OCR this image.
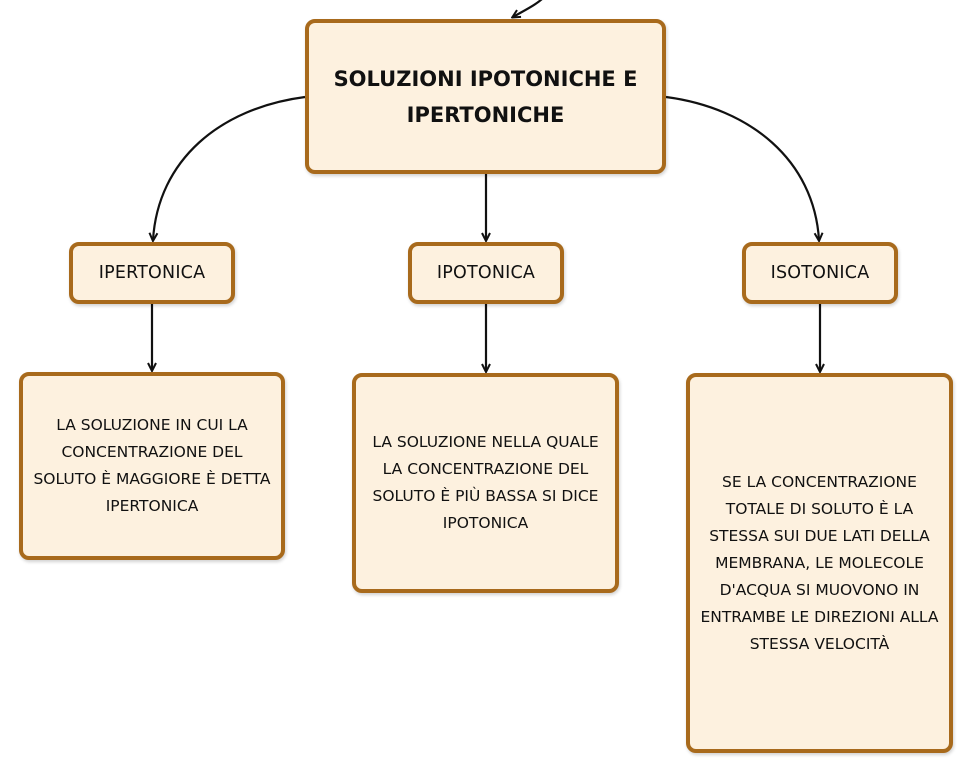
SOLUZIONI IPOTONICHE E IPERTONICHE
IPERTONICA	IPOTONICA	ISOTONICA
LA SOLUZIONE IN CUI LA CONCENTRAZIONE DEL SOLUTO È MAGGIORE È DETTA IPERTONICA
LA SOLUZIONE NELLA QUALE LA CONCENTRAZIONE DEL SOLUTO È PIÙ BASSA SI DICE IPOTONICA
SE LA CONCENTRAZIONE TOTALE DI SOLUTO È LA STESSA SUI DUE LATI DELLA MEMBRANA, LE MOLECOLE D'ACQUA SI MUOVONO IN ENTRAMBE LE DIREZIONI ALLA STESSA VELOCITÀ
